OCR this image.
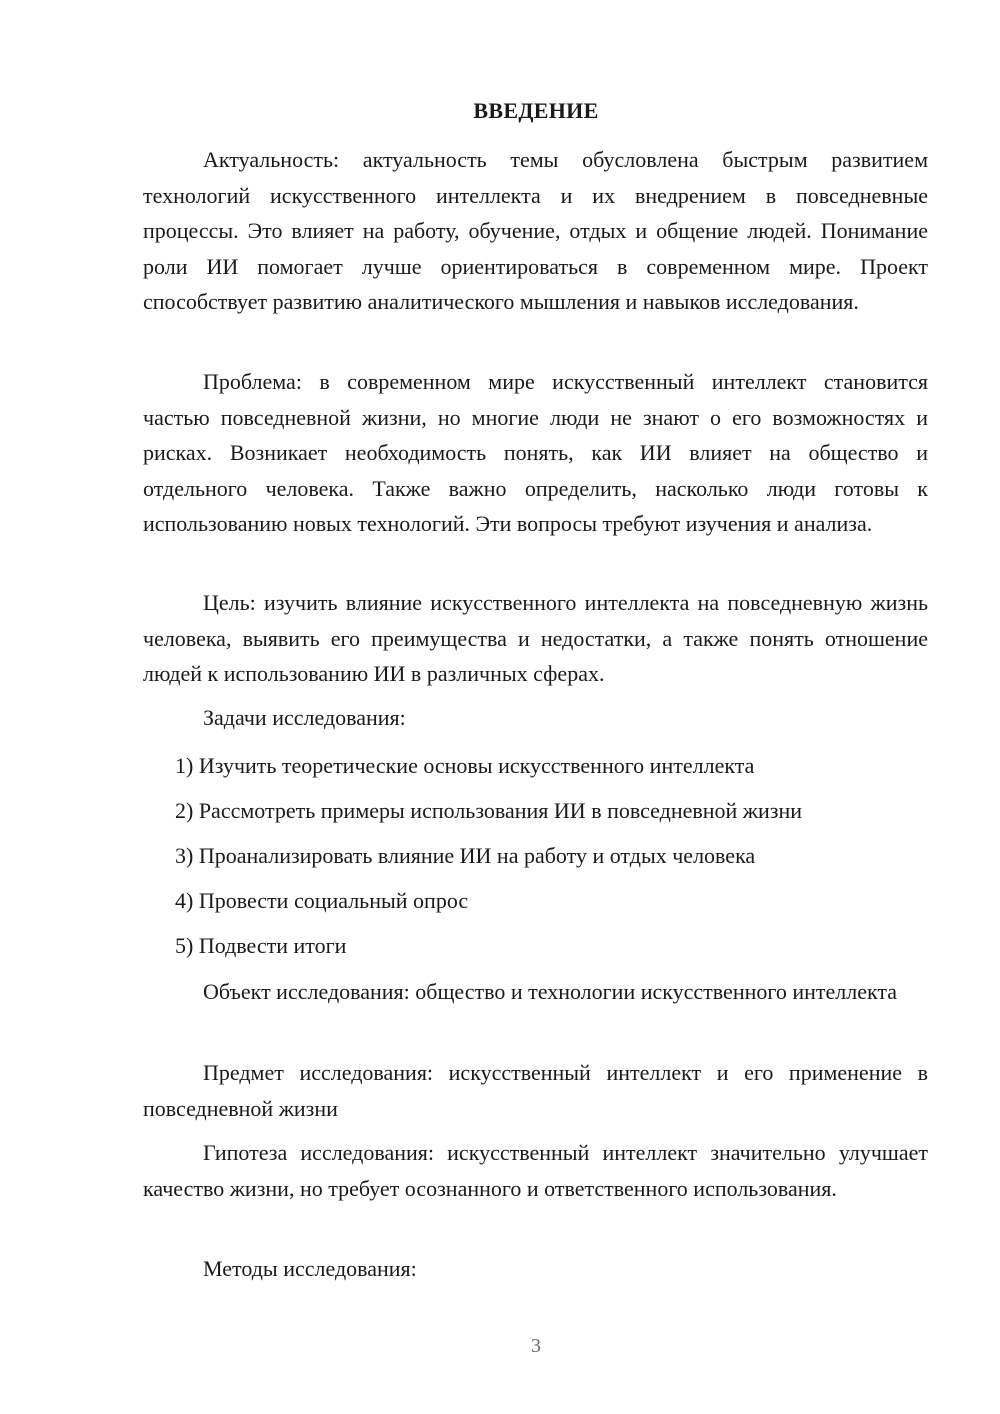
ВВЕДЕНИЕ

Актуальность: актуальность темы обусловлена быстрым развитием технологий искусственного интеллекта и их внедрением в повседневные процессы. Это влияет на работу, обучение, отдых и общение людей. Понимание роли ИИ помогает лучше ориентироваться в современном мире. Проект способствует развитию аналитического мышления и навыков исследования.

Проблема: в современном мире искусственный интеллект становится частью повседневной жизни, но многие люди не знают о его возможностях и рисках. Возникает необходимость понять, как ИИ влияет на общество и отдельного человека. Также важно определить, насколько люди готовы к использованию новых технологий. Эти вопросы требуют изучения и анализа.

Цель: изучить влияние искусственного интеллекта на повседневную жизнь человека, выявить его преимущества и недостатки, а также понять отношение людей к использованию ИИ в различных сферах.

Задачи исследования:

1) Изучить теоретические основы искусственного интеллекта

2) Рассмотреть примеры использования ИИ в повседневной жизни

3) Проанализировать влияние ИИ на работу и отдых человека

4) Провести социальный опрос

5) Подвести итоги

Объект исследования: общество и технологии искусственного интеллекта

Предмет исследования: искусственный интеллект и его применение в повседневной жизни

Гипотеза исследования: искусственный интеллект значительно улучшает качество жизни, но требует осознанного и ответственного использования.

Методы исследования:

3
